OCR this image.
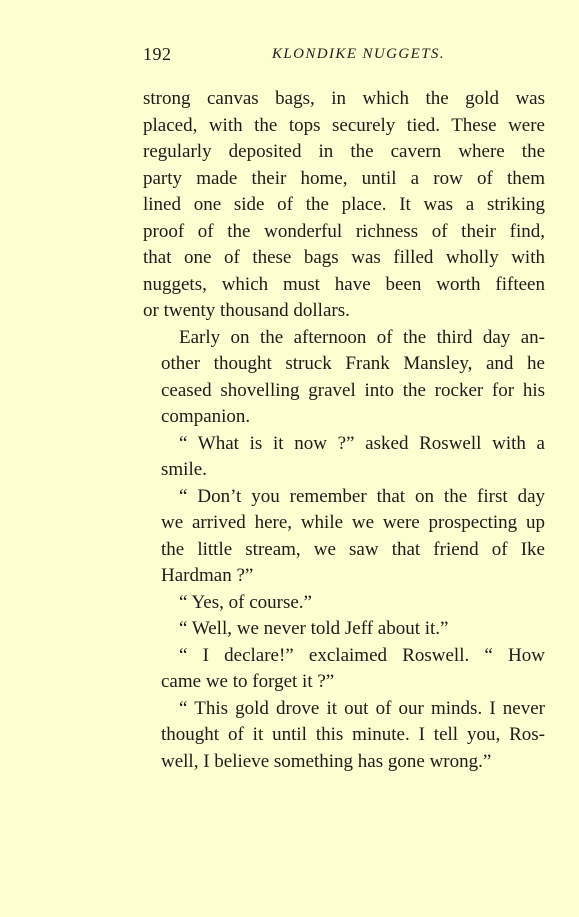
192	KLONDIKE NUGGETS.
strong canvas bags, in which the gold was
placed, with the tops securely tied. These were
regularly deposited in the cavern where the
party made their home, until a row of them
lined one side of the place. It was a striking
proof of the wonderful richness of their find,
that one of these bags was filled wholly with
nuggets, which must have been worth fifteen
or twenty thousand dollars.
Early on the afternoon of the third day an-
other thought struck Frank Mansley, and he
ceased shovelling gravel into the rocker for his
companion.
“ What is it now ?” asked Roswell with a
smile.
“ Don’t you remember that on the first day
we arrived here, while we were prospecting up
the little stream, we saw that friend of Ike
Hardman ?”
“ Yes, of course.”
“ Well, we never told Jeff about it.”
“ I declare!” exclaimed Roswell. “ How
came we to forget it ?”
“ This gold drove it out of our minds. I never
thought of it until this minute. I tell you, Ros-
well, I believe something has gone wrong.”
